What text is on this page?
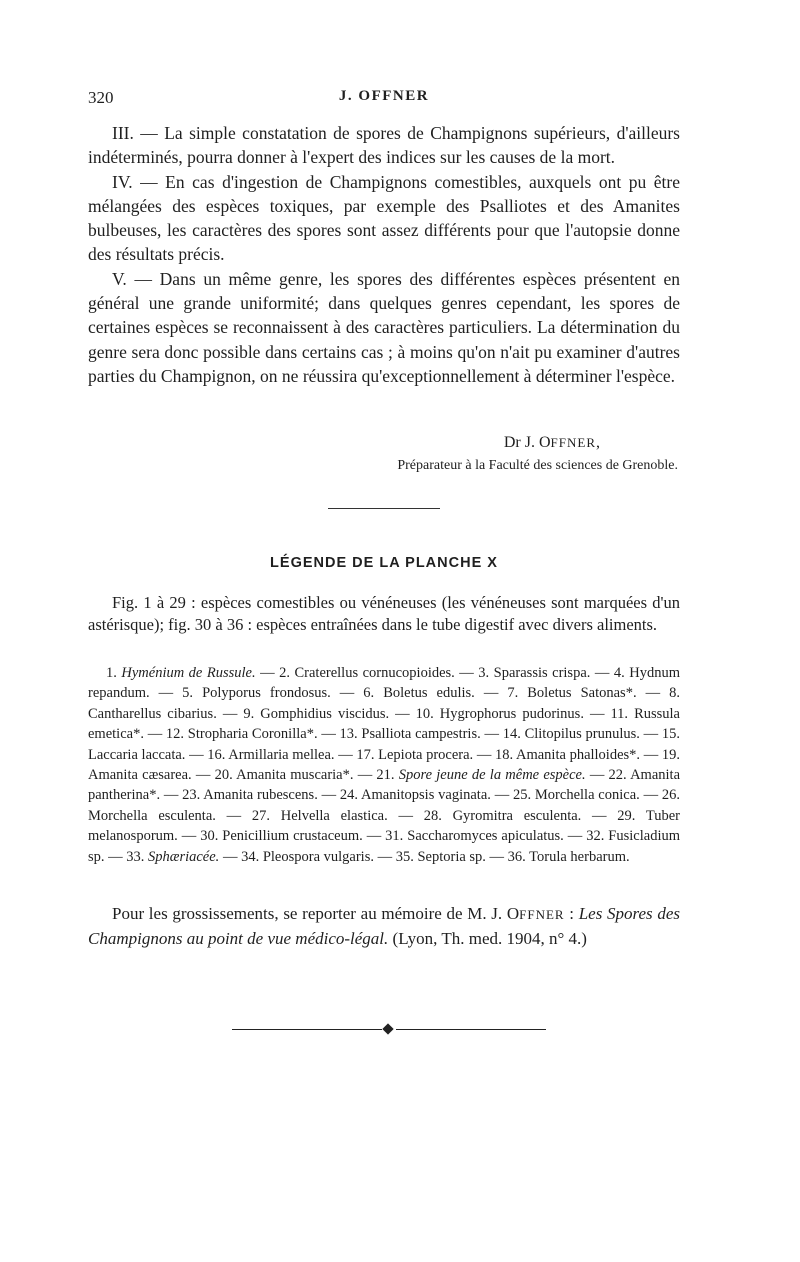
320	J. OFFNER

III. — La simple constatation de spores de Champignons supérieurs, d'ailleurs indéterminés, pourra donner à l'expert des indices sur les causes de la mort.

IV. — En cas d'ingestion de Champignons comestibles, auxquels ont pu être mélangées des espèces toxiques, par exemple des Psalliotes et des Amanites bulbeuses, les caractères des spores sont assez différents pour que l'autopsie donne des résultats précis.

V. — Dans un même genre, les spores des différentes espèces présentent en général une grande uniformité; dans quelques genres cependant, les spores de certaines espèces se reconnaissent à des caractères particuliers. La détermination du genre sera donc possible dans certains cas ; à moins qu'on n'ait pu examiner d'autres parties du Champignon, on ne réussira qu'exceptionnellement à déterminer l'espèce.

Dr J. OFFNER,
Préparateur à la Faculté des sciences de Grenoble.
LÉGENDE DE LA PLANCHE X

Fig. 1 à 29 : espèces comestibles ou vénéneuses (les vénéneuses sont marquées d'un astérisque); fig. 30 à 36 : espèces entraînées dans le tube digestif avec divers aliments.

1. Hyménium de Russule. — 2. Craterellus cornucopioides. — 3. Sparassis crispa. — 4. Hydnum repandum. — 5. Polyporus frondosus. — 6. Boletus edulis. — 7. Boletus Satonas*. — 8. Cantharellus cibarius. — 9. Gomphidius viscidus. — 10. Hygrophorus pudorinus. — 11. Russula emetica*. — 12. Stropharia Coronilla*. — 13. Psalliota campestris. — 14. Clitopilus prunulus. — 15. Laccaria laccata. — 16. Armillaria mellea. — 17. Lepiota procera. — 18. Amanita phalloides*. — 19. Amanita cæsarea. — 20. Amanita muscaria*. — 21. Spore jeune de la même espèce. — 22. Amanita pantherina*. — 23. Amanita rubescens. — 24. Amanitopsis vaginata. — 25. Morchella conica. — 26. Morchella esculenta. — 27. Helvella elastica. — 28. Gyromitra esculenta. — 29. Tuber melanosporum. — 30. Penicillium crustaceum. — 31. Saccharomyces apiculatus. — 32. Fusicladium sp. — 33. Sphæriacée. — 34. Pleospora vulgaris. — 35. Septoria sp. — 36. Torula herbarum.

Pour les grossissements, se reporter au mémoire de M. J. OFFNER : Les Spores des Champignons au point de vue médico-légal. (Lyon, Th. med. 1904, n° 4.)
